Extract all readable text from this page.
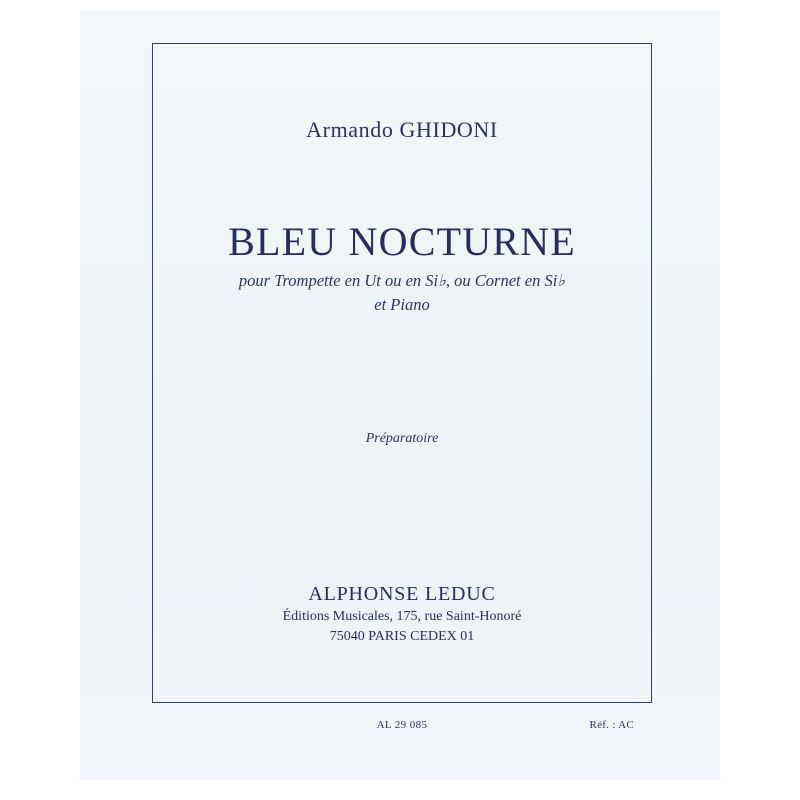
Armando GHIDONI
BLEU NOCTURNE
pour Trompette en Ut ou en Si♭, ou Cornet en Si♭
et Piano
Préparatoire
ALPHONSE LEDUC
Éditions Musicales, 175, rue Saint-Honoré
75040 PARIS CEDEX 01
AL 29 085	Réf. : AC
